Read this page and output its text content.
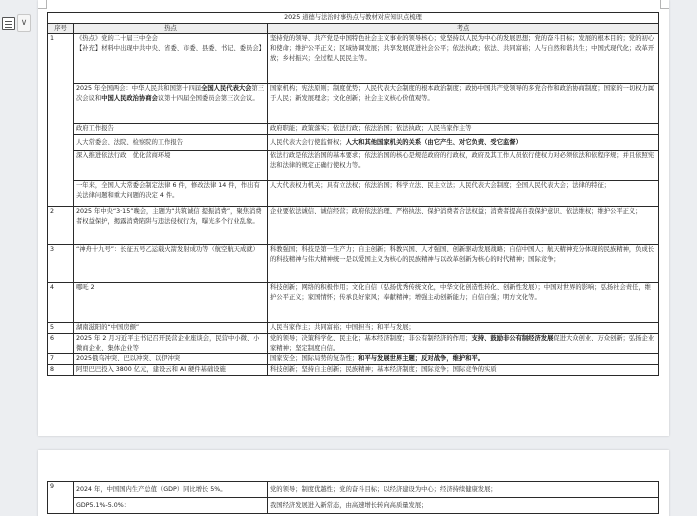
∨
2025 道德与法治时事热点与教材对应知识点梳理		
序号	热点	考点
1	《热点》党的二十届三中全会
【补充】材料中出现中共中央、省委、市委、县委、书记、委员会】	坚持党的领导、共产党是中国特色社会主义事业的领导核心；党坚持以人民为中心的发展思想；党的奋斗目标；发展的根本目的；党的初心和使命；维护公平正义；区域协调发展；共享发展促进社会公平；依法执政；依法、共同富裕；人与自然和谐共生；中国式现代化；改革开放；乡村振兴；全过程人民民主等。
	2025 年全国两会：中华人民共和国第十四届全国人民代表大会第三次会议和中国人民政治协商会议第十四届全国委员会第三次会议。	国家机构；宪法原则；制度优势；人民代表大会制度的根本政治制度；政协中国共产党领导的多党合作和政治协商制度；国家的一切权力属于人民；新发展理念；文化创新；社会主义核心价值观等。
	政府工作报告	政府职能；政策落实；依法行政；依法治国；依法执政；人民当家作主等
	人大常委会、法院、检察院的工作报告	人民代表大会行使监督权；人大和其他国家机关的关系（由它产生、对它负责、受它监督）
	深入推进依法行政　优化营商环境	依法行政是依法治国的基本要求；依法治国的核心是规范政府的行政权，政府及其工作人员依行使权力对必须依法和依程序规；并且依照宪法和法律的规定正确行使权力等。
	一年来，全国人大常委会制定法律 6 件，修改法律 14 件，作出有关法律问题和重大问题的决定 4 件。	人大代表权力机关；具有立法权；依法治国；科学立法、民主立法；人民代表大会制度；全国人民代表大会；法律的特征；
2	2025 年中央“3·15”晚会，主题为“共筑诚信 提振消费”，聚焦消费者权益保护，揭露消费陷阱与违法侵权行为，曝光多个行业乱象。	企业要依法诚信、诚信经营；政府依法治理、严格执法、保护消费者合法权益；消费者提高自我保护意识、依法维权；维护公平正义；
3	“神舟十九号”：长征五号乙运载火箭发射成功等（航空航天成就）	科教强国；科技是第一生产力；自主创新；科教兴国、人才强国、创新驱动发展战略；自信中国人；航天精神充分体现的民族精神，负成长的科技精神与伟大精神统一是以爱国主义为核心的民族精神与以改革创新为核心的时代精神；国际竞争；
4	哪吒 2	科技创新；网络的积极作用；文化自信（弘扬优秀传统文化，中华文化创造性转化、创新性发展）；中国对世界的影响；弘扬社会责任，维护公平正义；家国情怀；传承良好家风；奉献精神；增强主动创新能力；自信自强；明方文化等。
5	湖南滋阳的“中国房颤”	人民当家作主；共同富裕；中国担当；和平与发展；
6	2025 年 2 月习近平主书记召开民营企业座谈会，民营中小微、小微商企业、集体企业等	党的领导；决策科学化、民主化；基本经济制度；非公有制经济的作用；支持、鼓励非公有制经济发展促进大众创业、万众创新；弘扬企业家精神；坚定制度自信。
7	2025俄乌冲突、巴以冲突、以伊冲突	国家安全；国际局势的复杂性；和平与发展世界主题；反对战争，维护和平。
8	阿里巴巴投入 3800 亿元，建设云和 AI 硬件基础设施	科技创新；坚持自主创新；民族精神；基本经济制度；国际竞争；国际竞争的实质
9	2024 年，中国国内生产总值（GDP）同比增长 5%。	党的领导；制度优越性；党的奋斗目标；以经济建设为中心；经济持续健康发展；
	GDP5.1%-5.0%：	我国经济发展进入新常态，由高速增长转向高质量发展；
